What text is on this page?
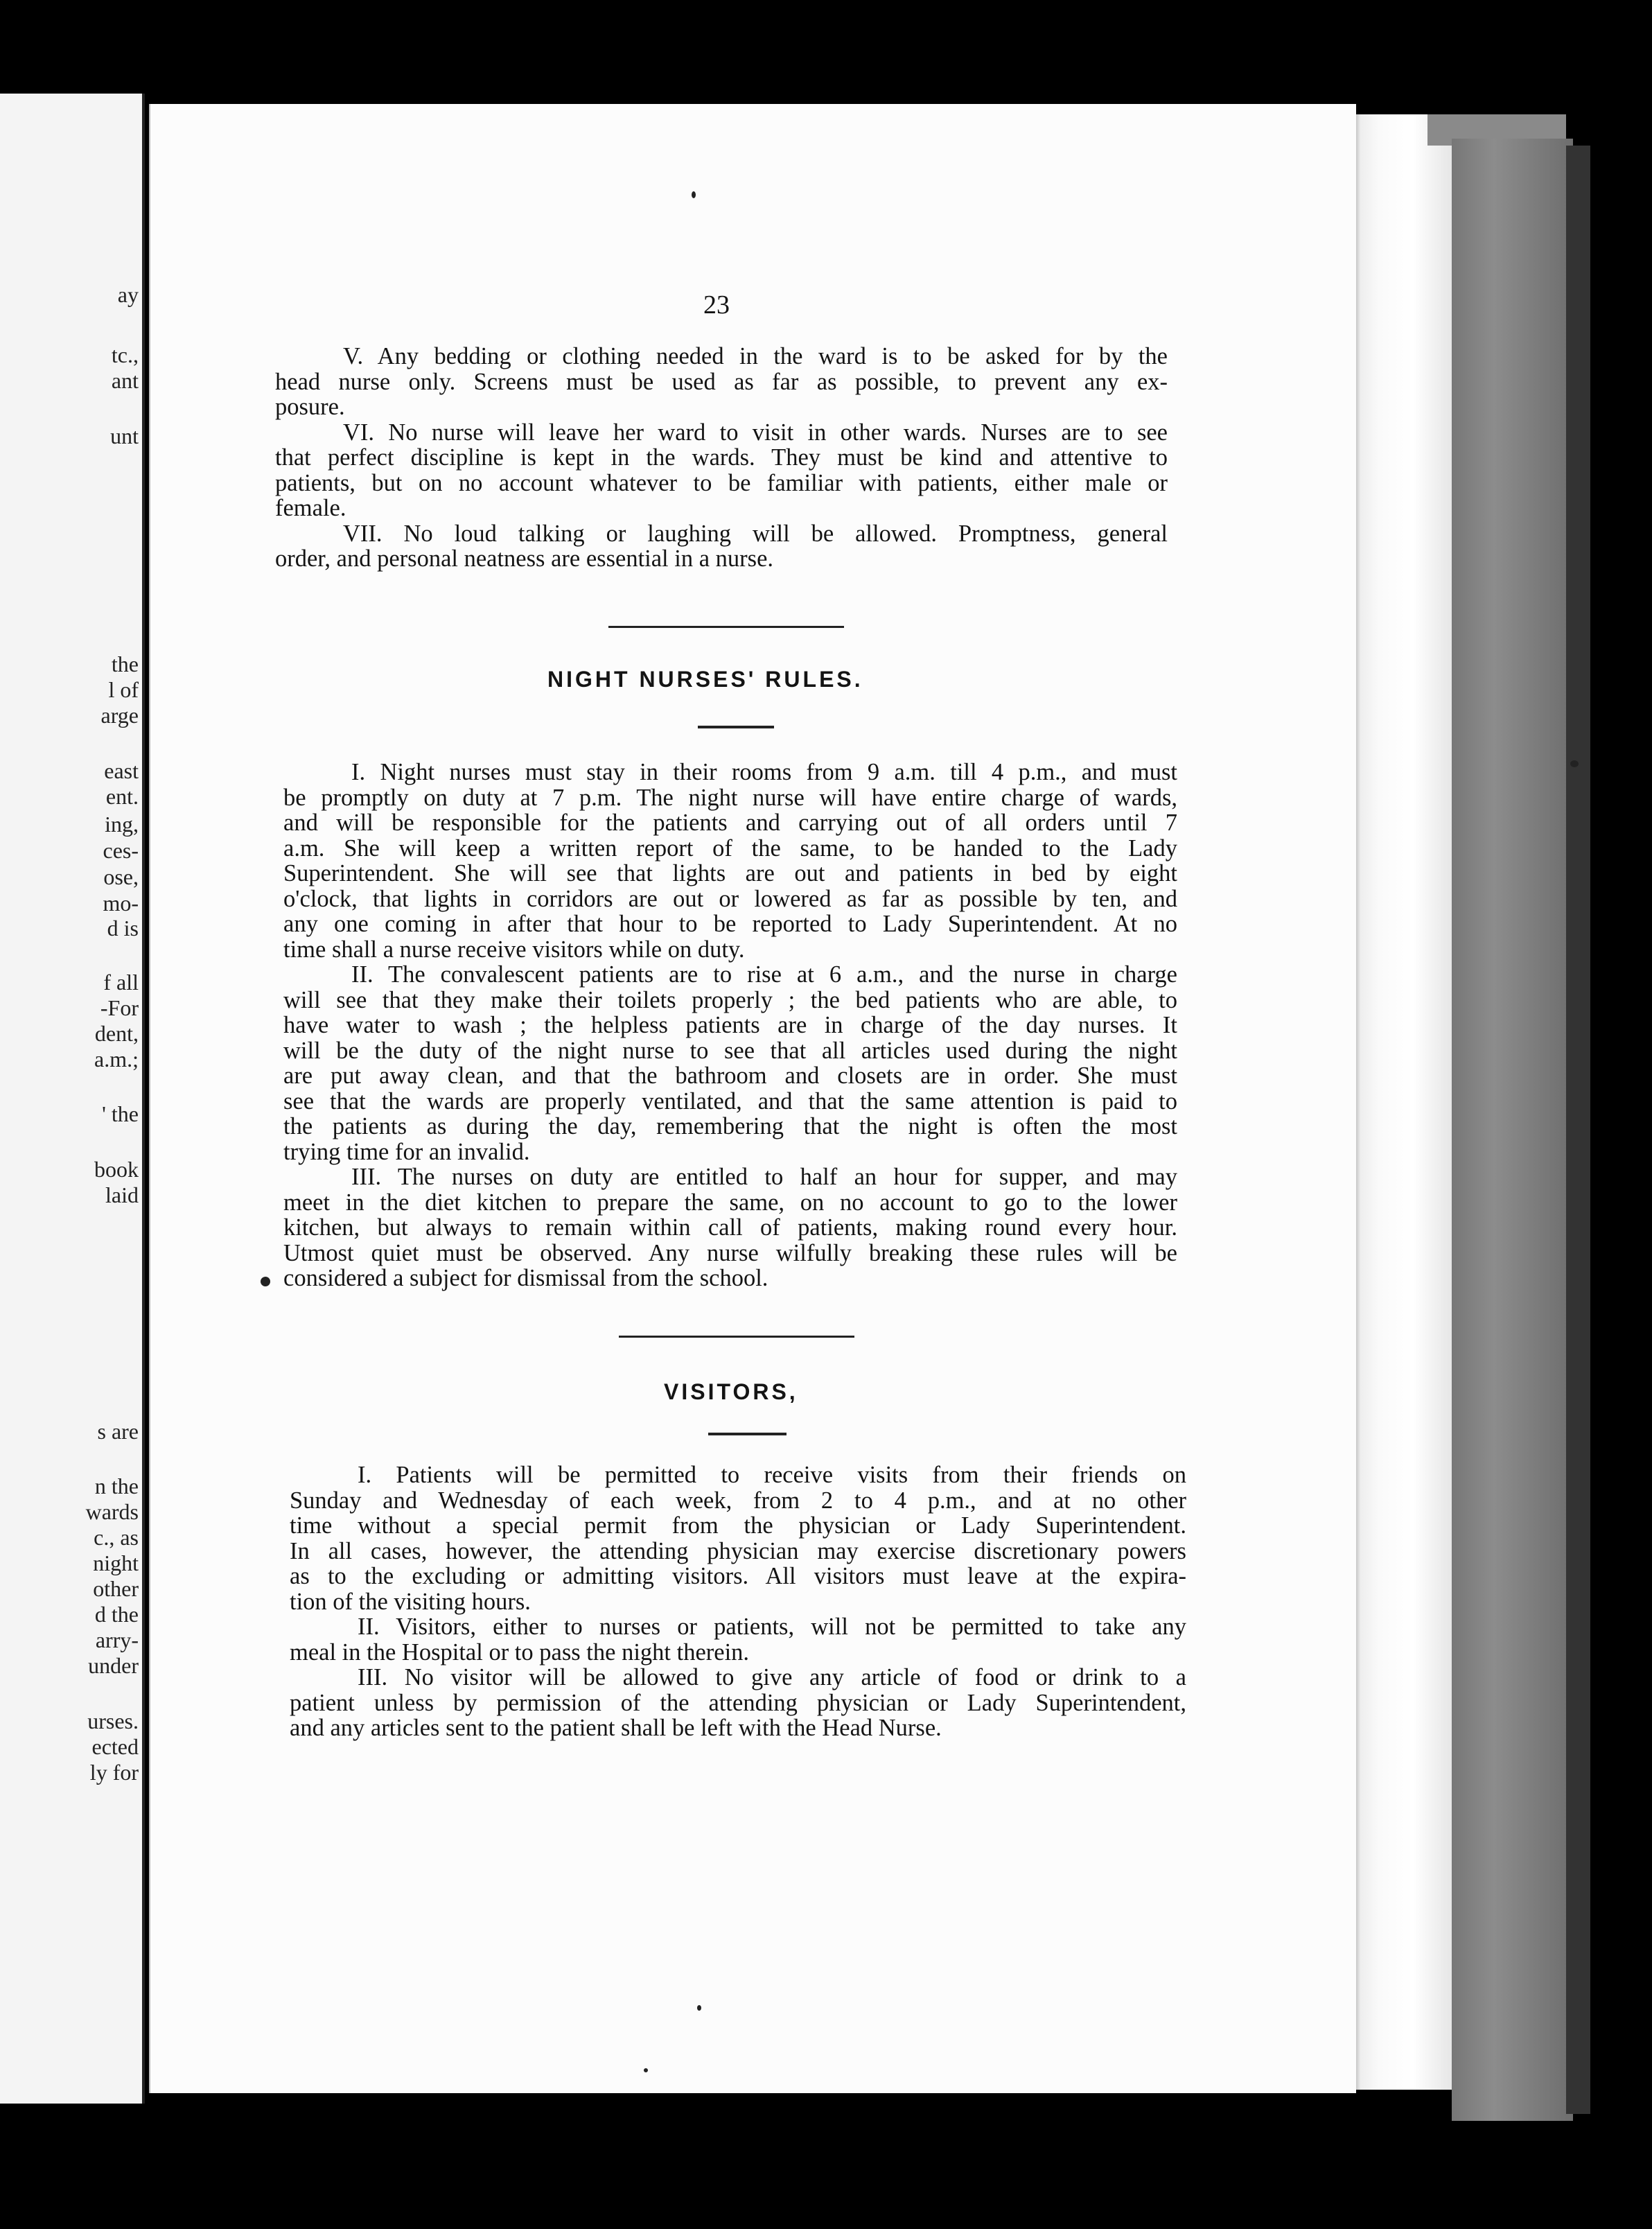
ay
tc.,
ant
unt
the
l of
arge
east
ent.
ing,
ces-
ose,
mo-
d is
f all
-For
dent,
a.m.;
' the
book
laid
s are
n the
wards
c., as
night
other
d the
arry-
under
urses.
ected
ly for
23
V. Any bedding or clothing needed in the ward is to be asked for by the
head nurse only. Screens must be used as far as possible, to prevent any ex-
posure.
VI. No nurse will leave her ward to visit in other wards. Nurses are to see
that perfect discipline is kept in the wards. They must be kind and attentive to
patients, but on no account whatever to be familiar with patients, either male or
female.
VII. No loud talking or laughing will be allowed. Promptness, general
order, and personal neatness are essential in a nurse.
NIGHT NURSES' RULES.
I. Night nurses must stay in their rooms from 9 a.m. till 4 p.m., and must
be promptly on duty at 7 p.m. The night nurse will have entire charge of wards,
and will be responsible for the patients and carrying out of all orders until 7
a.m. She will keep a written report of the same, to be handed to the Lady
Superintendent. She will see that lights are out and patients in bed by eight
o'clock, that lights in corridors are out or lowered as far as possible by ten, and
any one coming in after that hour to be reported to Lady Superintendent. At no
time shall a nurse receive visitors while on duty.
II. The convalescent patients are to rise at 6 a.m., and the nurse in charge
will see that they make their toilets properly ; the bed patients who are able, to
have water to wash ; the helpless patients are in charge of the day nurses. It
will be the duty of the night nurse to see that all articles used during the night
are put away clean, and that the bathroom and closets are in order. She must
see that the wards are properly ventilated, and that the same attention is paid to
the patients as during the day, remembering that the night is often the most
trying time for an invalid.
III. The nurses on duty are entitled to half an hour for supper, and may
meet in the diet kitchen to prepare the same, on no account to go to the lower
kitchen, but always to remain within call of patients, making round every hour.
Utmost quiet must be observed. Any nurse wilfully breaking these rules will be
considered a subject for dismissal from the school.
VISITORS,
I. Patients will be permitted to receive visits from their friends on
Sunday and Wednesday of each week, from 2 to 4 p.m., and at no other
time without a special permit from the physician or Lady Superintendent.
In all cases, however, the attending physician may exercise discretionary powers
as to the excluding or admitting visitors. All visitors must leave at the expira-
tion of the visiting hours.
II. Visitors, either to nurses or patients, will not be permitted to take any
meal in the Hospital or to pass the night therein.
III. No visitor will be allowed to give any article of food or drink to a
patient unless by permission of the attending physician or Lady Superintendent,
and any articles sent to the patient shall be left with the Head Nurse.
